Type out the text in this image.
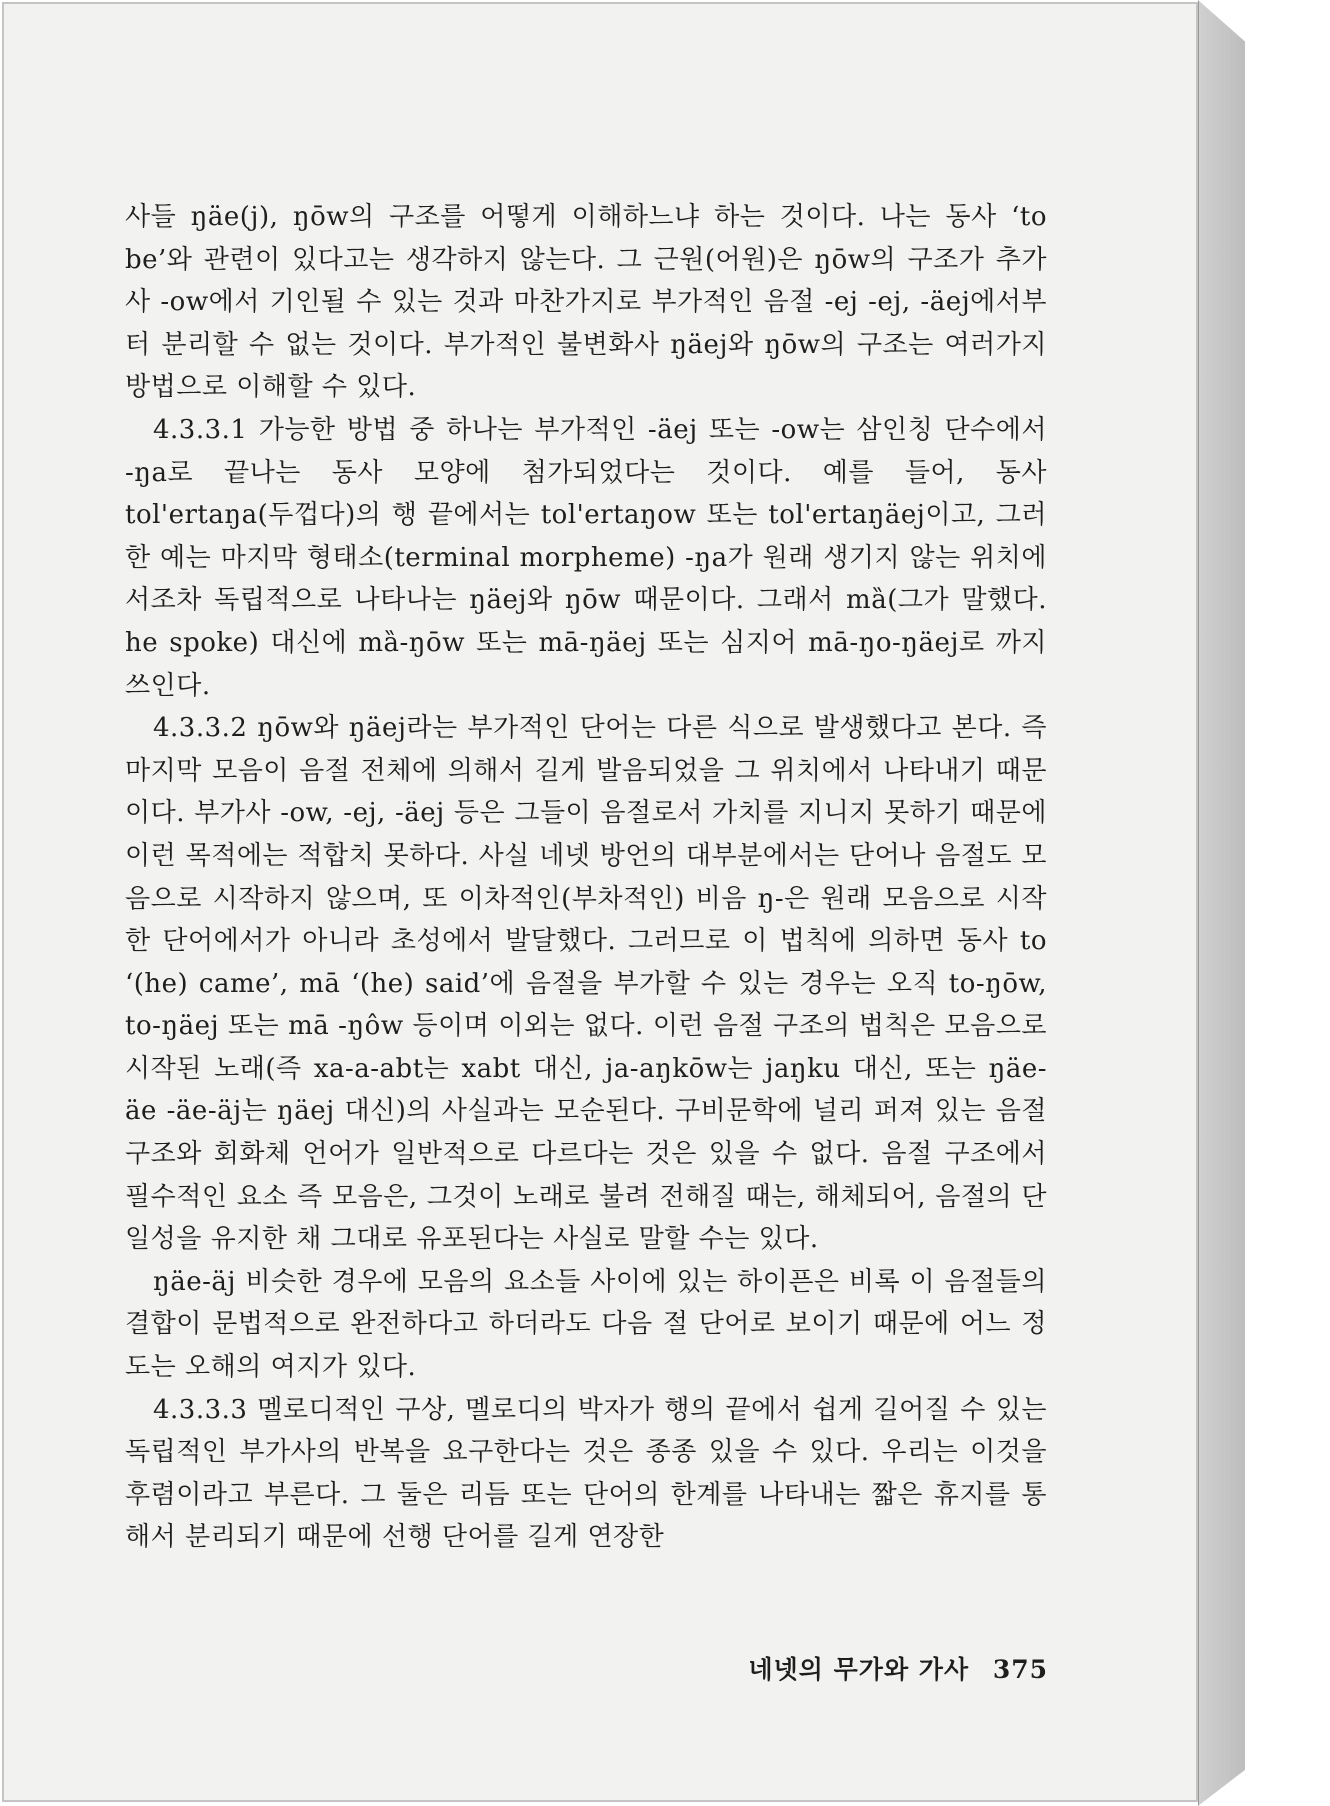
사들 ŋäe(j), ŋōw의 구조를 어떻게 이해하느냐 하는 것이다. 나는 동사 ‘to be’와 관련이 있다고는 생각하지 않는다. 그 근원(어원)은 ŋōw의 구조가 추가사 -ow에서 기인될 수 있는 것과 마찬가지로 부가적인 음절 -ej -ej, -äej에서부터 분리할 수 없는 것이다. 부가적인 불변화사 ŋäej와 ŋōw의 구조는 여러가지 방법으로 이해할 수 있다.

4.3.3.1 가능한 방법 중 하나는 부가적인 -äej 또는 -ow는 삼인칭 단수에서 -ŋa로 끝나는 동사 모양에 첨가되었다는 것이다. 예를 들어, 동사 tol'ertaŋa(두껍다)의 행 끝에서는 tol'ertaŋow 또는 tol'ertaŋäej이고, 그러한 예는 마지막 형태소(terminal morpheme) -ŋa가 원래 생기지 않는 위치에서조차 독립적으로 나타나는 ŋäej와 ŋōw 때문이다. 그래서 mȁ(그가 말했다. he spoke) 대신에 mȁ-ŋōw 또는 mā-ŋäej 또는 심지어 mā-ŋo-ŋäej로 까지 쓰인다.

4.3.3.2 ŋōw와 ŋäej라는 부가적인 단어는 다른 식으로 발생했다고 본다. 즉 마지막 모음이 음절 전체에 의해서 길게 발음되었을 그 위치에서 나타내기 때문이다. 부가사 -ow, -ej, -äej 등은 그들이 음절로서 가치를 지니지 못하기 때문에 이런 목적에는 적합치 못하다. 사실 네넷 방언의 대부분에서는 단어나 음절도 모음으로 시작하지 않으며, 또 이차적인(부차적인) 비음 ŋ-은 원래 모음으로 시작한 단어에서가 아니라 초성에서 발달했다. 그러므로 이 법칙에 의하면 동사 to ‘(he) came’, mā ‘(he) said’에 음절을 부가할 수 있는 경우는 오직 to-ŋōw, to-ŋäej 또는 mā -ŋôw 등이며 이외는 없다. 이런 음절 구조의 법칙은 모음으로 시작된 노래(즉 xa-a-abt는 xabt 대신, ja-aŋkōw는 jaŋku 대신, 또는 ŋäe-äe -äe-äj는 ŋäej 대신)의 사실과는 모순된다. 구비문학에 널리 퍼져 있는 음절구조와 회화체 언어가 일반적으로 다르다는 것은 있을 수 없다. 음절 구조에서 필수적인 요소 즉 모음은, 그것이 노래로 불려 전해질 때는, 해체되어, 음절의 단일성을 유지한 채 그대로 유포된다는 사실로 말할 수는 있다.

ŋäe-äj 비슷한 경우에 모음의 요소들 사이에 있는 하이픈은 비록 이 음절들의 결합이 문법적으로 완전하다고 하더라도 다음 절 단어로 보이기 때문에 어느 정도는 오해의 여지가 있다.

4.3.3.3 멜로디적인 구상, 멜로디의 박자가 행의 끝에서 쉽게 길어질 수 있는 독립적인 부가사의 반복을 요구한다는 것은 종종 있을 수 있다. 우리는 이것을 후렴이라고 부른다. 그 둘은 리듬 또는 단어의 한계를 나타내는 짧은 휴지를 통해서 분리되기 때문에 선행 단어를 길게 연장한

네넷의 무가와 가사 375
